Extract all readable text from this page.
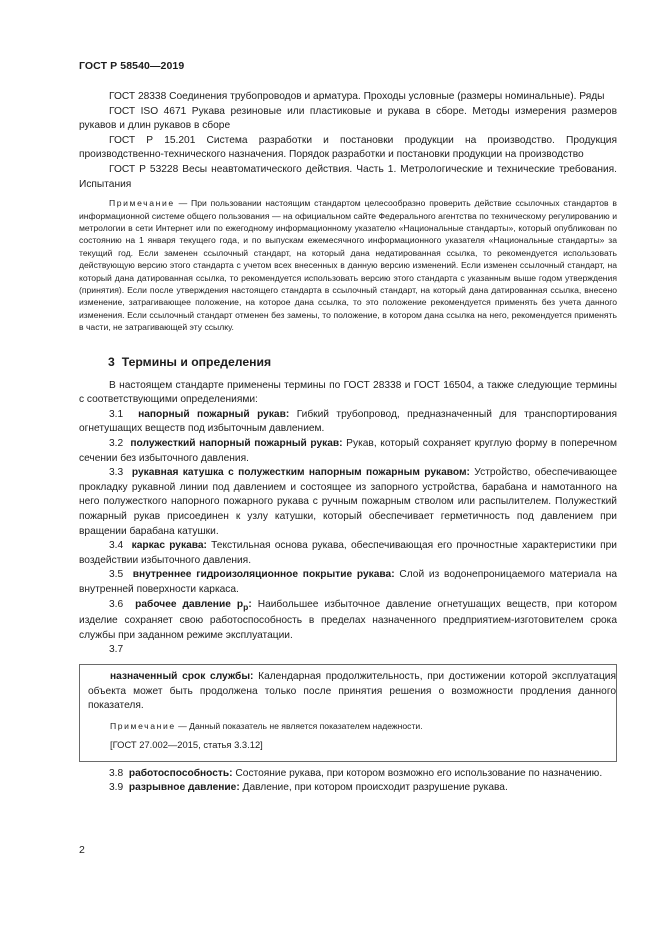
ГОСТ Р 58540—2019

ГОСТ 28338 Соединения трубопроводов и арматура. Проходы условные (размеры номинальные). Ряды

ГОСТ ISO 4671 Рукава резиновые или пластиковые и рукава в сборе. Методы измерения размеров рукавов и длин рукавов в сборе

ГОСТ Р 15.201 Система разработки и постановки продукции на производство. Продукция производственно-технического назначения. Порядок разработки и постановки продукции на производство

ГОСТ Р 53228 Весы неавтоматического действия. Часть 1. Метрологические и технические требования. Испытания

Примечание — При пользовании настоящим стандартом целесообразно проверить действие ссылочных стандартов в информационной системе общего пользования — на официальном сайте Федерального агентства по техническому регулированию и метрологии в сети Интернет или по ежегодному информационному указателю «Национальные стандарты», который опубликован по состоянию на 1 января текущего года, и по выпускам ежемесячного информационного указателя «Национальные стандарты» за текущий год. Если заменен ссылочный стандарт, на который дана недатированная ссылка, то рекомендуется использовать действующую версию этого стандарта с учетом всех внесенных в данную версию изменений. Если изменен ссылочный стандарт, на который дана датированная ссылка, то рекомендуется использовать версию этого стандарта с указанным выше годом утверждения (принятия). Если после утверждения настоящего стандарта в ссылочный стандарт, на который дана датированная ссылка, внесено изменение, затрагивающее положение, на которое дана ссылка, то это положение рекомендуется применять без учета данного изменения. Если ссылочный стандарт отменен без замены, то положение, в котором дана ссылка на него, рекомендуется применять в части, не затрагивающей эту ссылку.

3 Термины и определения

В настоящем стандарте применены термины по ГОСТ 28338 и ГОСТ 16504, а также следующие термины с соответствующими определениями:

3.1 напорный пожарный рукав: Гибкий трубопровод, предназначенный для транспортирования огнетушащих веществ под избыточным давлением.

3.2 полужесткий напорный пожарный рукав: Рукав, который сохраняет круглую форму в поперечном сечении без избыточного давления.

3.3 рукавная катушка с полужестким напорным пожарным рукавом: Устройство, обеспечивающее прокладку рукавной линии под давлением и состоящее из запорного устройства, барабана и намотанного на него полужесткого напорного пожарного рукава с ручным пожарным стволом или распылителем. Полужесткий пожарный рукав присоединен к узлу катушки, который обеспечивает герметичность под давлением при вращении барабана катушки.

3.4 каркас рукава: Текстильная основа рукава, обеспечивающая его прочностные характеристики при воздействии избыточного давления.

3.5 внутреннее гидроизоляционное покрытие рукава: Слой из водонепроницаемого материала на внутренней поверхности каркаса.

3.6 рабочее давление $p_р$: Наибольшее избыточное давление огнетушащих веществ, при котором изделие сохраняет свою работоспособность в пределах назначенного предприятием-изготовителем срока службы при заданном режиме эксплуатации.

3.7

назначенный срок службы: Календарная продолжительность, при достижении которой эксплуатация объекта может быть продолжена только после принятия решения о возможности продления данного показателя.

Примечание — Данный показатель не является показателем надежности.

[ГОСТ 27.002—2015, статья 3.3.12]

3.8 работоспособность: Состояние рукава, при котором возможно его использование по назначению.

3.9 разрывное давление: Давление, при котором происходит разрушение рукава.

2
